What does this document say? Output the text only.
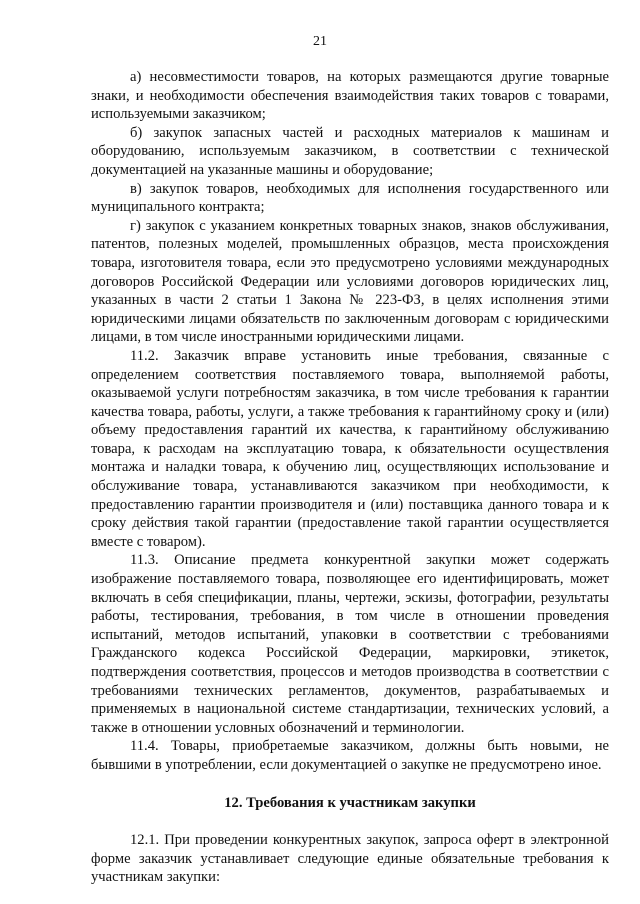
21

а) несовместимости товаров, на которых размещаются другие товарные знаки, и необходимости обеспечения взаимодействия таких товаров с товарами, используемыми заказчиком;

б) закупок запасных частей и расходных материалов к машинам и оборудованию, используемым заказчиком, в соответствии с технической документацией на указанные машины и оборудование;

в) закупок товаров, необходимых для исполнения государственного или муниципального контракта;

г) закупок с указанием конкретных товарных знаков, знаков обслуживания, патентов, полезных моделей, промышленных образцов, места происхождения товара, изготовителя товара, если это предусмотрено условиями международных договоров Российской Федерации или условиями договоров юридических лиц, указанных в части 2 статьи 1 Закона № 223-ФЗ, в целях исполнения этими юридическими лицами обязательств по заключенным договорам с юридическими лицами, в том числе иностранными юридическими лицами.

11.2. Заказчик вправе установить иные требования, связанные с определением соответствия поставляемого товара, выполняемой работы, оказываемой услуги потребностям заказчика, в том числе требования к гарантии качества товара, работы, услуги, а также требования к гарантийному сроку и (или) объему предоставления гарантий их качества, к гарантийному обслуживанию товара, к расходам на эксплуатацию товара, к обязательности осуществления монтажа и наладки товара, к обучению лиц, осуществляющих использование и обслуживание товара, устанавливаются заказчиком при необходимости, к предоставлению гарантии производителя и (или) поставщика данного товара и к сроку действия такой гарантии (предоставление такой гарантии осуществляется вместе с товаром).

11.3. Описание предмета конкурентной закупки может содержать изображение поставляемого товара, позволяющее его идентифицировать, может включать в себя спецификации, планы, чертежи, эскизы, фотографии, результаты работы, тестирования, требования, в том числе в отношении проведения испытаний, методов испытаний, упаковки в соответствии с требованиями Гражданского кодекса Российской Федерации, маркировки, этикеток, подтверждения соответствия, процессов и методов производства в соответствии с требованиями технических регламентов, документов, разрабатываемых и применяемых в национальной системе стандартизации, технических условий, а также в отношении условных обозначений и терминологии.

11.4. Товары, приобретаемые заказчиком, должны быть новыми, не бывшими в употреблении, если документацией о закупке не предусмотрено иное.

12. Требования к участникам закупки

12.1. При проведении конкурентных закупок, запроса оферт в электронной форме заказчик устанавливает следующие единые обязательные требования к участникам закупки:
